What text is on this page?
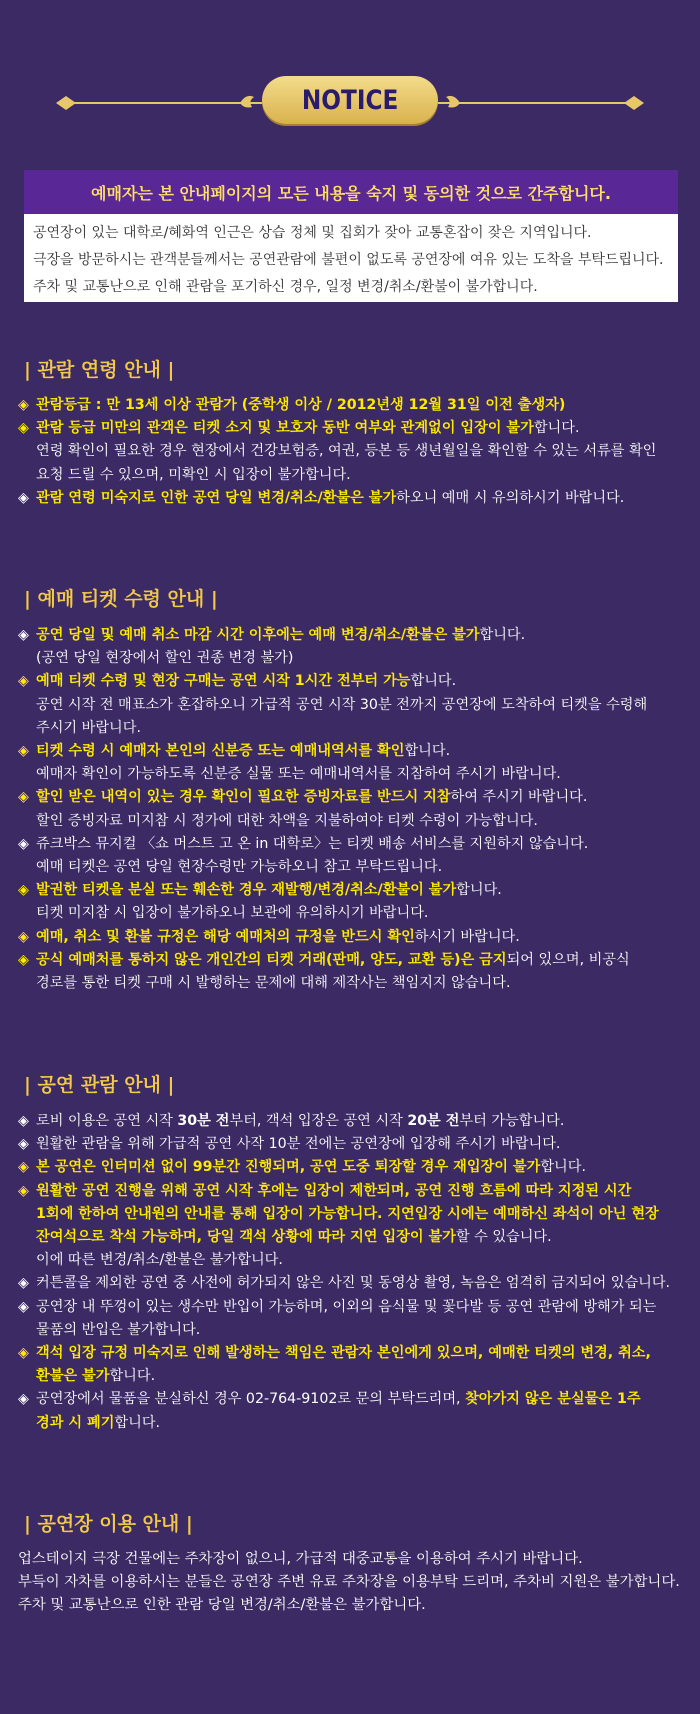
NOTICE
예매자는 본 안내페이지의 모든 내용을 숙지 및 동의한 것으로 간주합니다.
공연장이 있는 대학로/혜화역 인근은 상습 정체 및 집회가 잦아 교통혼잡이 잦은 지역입니다.
극장을 방문하시는 관객분들께서는 공연관람에 불편이 없도록 공연장에 여유 있는 도착을 부탁드립니다.
주차 및 교통난으로 인해 관람을 포기하신 경우, 일정 변경/취소/환불이 불가합니다.
| 관람 연령 안내 |
◈ 관람등급 : 만 13세 이상 관람가 (중학생 이상 / 2012년생 12월 31일 이전 출생자)
◈ 관람 등급 미만의 관객은 티켓 소지 및 보호자 동반 여부와 관계없이 입장이 불가합니다.
연령 확인이 필요한 경우 현장에서 건강보험증, 여권, 등본 등 생년월일을 확인할 수 있는 서류를 확인
요청 드릴 수 있으며, 미확인 시 입장이 불가합니다.
◈ 관람 연령 미숙지로 인한 공연 당일 변경/취소/환불은 불가하오니 예매 시 유의하시기 바랍니다.
| 예매 티켓 수령 안내 |
◈ 공연 당일 및 예매 취소 마감 시간 이후에는 예매 변경/취소/환불은 불가합니다.
(공연 당일 현장에서 할인 권종 변경 불가)
◈ 예매 티켓 수령 및 현장 구매는 공연 시작 1시간 전부터 가능합니다.
공연 시작 전 매표소가 혼잡하오니 가급적 공연 시작 30분 전까지 공연장에 도착하여 티켓을 수령해
주시기 바랍니다.
◈ 티켓 수령 시 예매자 본인의 신분증 또는 예매내역서를 확인합니다.
예매자 확인이 가능하도록 신분증 실물 또는 예매내역서를 지참하여 주시기 바랍니다.
◈ 할인 받은 내역이 있는 경우 확인이 필요한 증빙자료를 반드시 지참하여 주시기 바랍니다.
할인 증빙자료 미지참 시 정가에 대한 차액을 지불하여야 티켓 수령이 가능합니다.
◈ 쥬크박스 뮤지컬 〈쇼 머스트 고 온 in 대학로〉는 티켓 배송 서비스를 지원하지 않습니다.
예매 티켓은 공연 당일 현장수령만 가능하오니 참고 부탁드립니다.
◈ 발권한 티켓을 분실 또는 훼손한 경우 재발행/변경/취소/환불이 불가합니다.
티켓 미지참 시 입장이 불가하오니 보관에 유의하시기 바랍니다.
◈ 예매, 취소 및 환불 규정은 해당 예매처의 규정을 반드시 확인하시기 바랍니다.
◈ 공식 예매처를 통하지 않은 개인간의 티켓 거래(판매, 양도, 교환 등)은 금지되어 있으며, 비공식
경로를 통한 티켓 구매 시 발행하는 문제에 대해 제작사는 책임지지 않습니다.
| 공연 관람 안내 |
◈ 로비 이용은 공연 시작 30분 전부터, 객석 입장은 공연 시작 20분 전부터 가능합니다.
◈ 원활한 관람을 위해 가급적 공연 사작 10분 전에는 공연장에 입장해 주시기 바랍니다.
◈ 본 공연은 인터미션 없이 99분간 진행되며, 공연 도중 퇴장할 경우 재입장이 불가합니다.
◈ 원활한 공연 진행을 위해 공연 시작 후에는 입장이 제한되며, 공연 진행 흐름에 따라 지정된 시간
1회에 한하여 안내원의 안내를 통해 입장이 가능합니다. 지연입장 시에는 예매하신 좌석이 아닌 현장
잔여석으로 착석 가능하며, 당일 객석 상황에 따라 지연 입장이 불가할 수 있습니다.
이에 따른 변경/취소/환불은 불가합니다.
◈ 커튼콜을 제외한 공연 중 사전에 허가되지 않은 사진 및 동영상 촬영, 녹음은 엄격히 금지되어 있습니다.
◈ 공연장 내 뚜껑이 있는 생수만 반입이 가능하며, 이외의 음식물 및 꽃다발 등 공연 관람에 방해가 되는
물품의 반입은 불가합니다.
◈ 객석 입장 규정 미숙지로 인해 발생하는 책임은 관람자 본인에게 있으며, 예매한 티켓의 변경, 취소,
환불은 불가합니다.
◈ 공연장에서 물품을 분실하신 경우 02-764-9102로 문의 부탁드리며, 찾아가지 않은 분실물은 1주
경과 시 폐기합니다.
| 공연장 이용 안내 |
업스테이지 극장 건물에는 주차장이 없으니, 가급적 대중교통을 이용하여 주시기 바랍니다.
부득이 자차를 이용하시는 분들은 공연장 주변 유료 주차장을 이용부탁 드리며, 주차비 지원은 불가합니다.
주차 및 교통난으로 인한 관람 당일 변경/취소/환불은 불가합니다.
